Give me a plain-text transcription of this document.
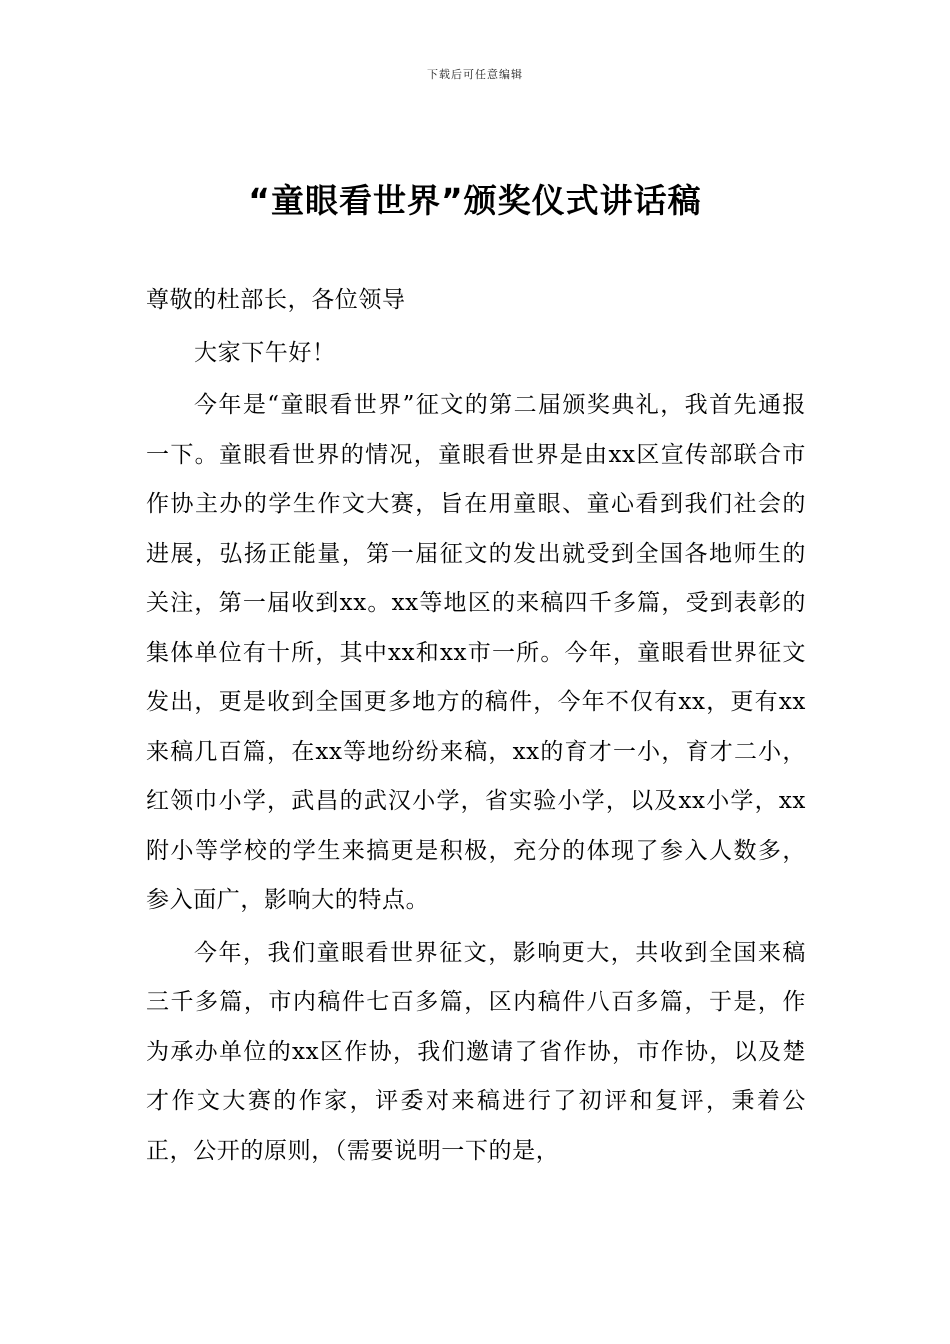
下载后可任意编辑
“童眼看世界”颁奖仪式讲话稿

尊敬的杜部长，各位领导

大家下午好！

今年是“童眼看世界”征文的第二届颁奖典礼，我首先通报一下。童眼看世界的情况，童眼看世界是由xx区宣传部联合市作协主办的学生作文大赛，旨在用童眼、童心看到我们社会的进展，弘扬正能量，第一届征文的发出就受到全国各地师生的关注，第一届收到xx。xx等地区的来稿四千多篇，受到表彰的集体单位有十所，其中xx和xx市一所。今年，童眼看世界征文发出，更是收到全国更多地方的稿件，今年不仅有xx，更有xx来稿几百篇，在xx等地纷纷来稿，xx的育才一小，育才二小，红领巾小学，武昌的武汉小学，省实验小学，以及xx小学，xx附小等学校的学生来搞更是积极，充分的体现了参入人数多，参入面广，影响大的特点。

今年，我们童眼看世界征文，影响更大，共收到全国来稿三千多篇，市内稿件七百多篇，区内稿件八百多篇，于是，作为承办单位的xx区作协，我们邀请了省作协，市作协，以及楚才作文大赛的作家，评委对来稿进行了初评和复评，秉着公正，公开的原则，（需要说明一下的是，
